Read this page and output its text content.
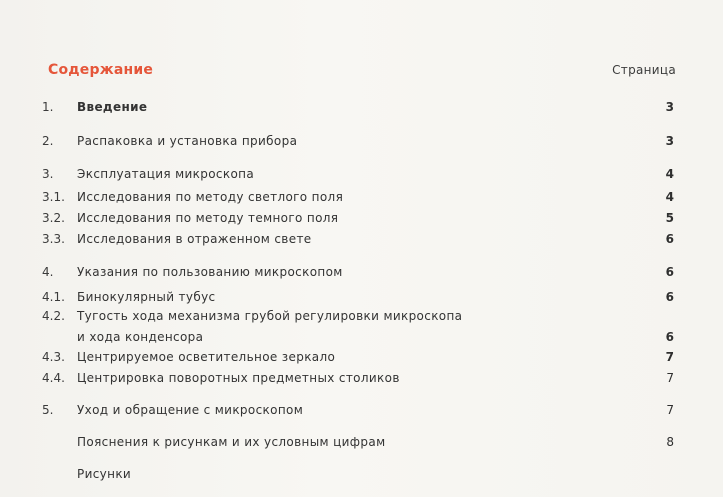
Содержание	Страница
1. Введение	3
2. Распаковка и установка прибора	3
3. Эксплуатация микроскопа	4
3.1. Исследования по методу светлого поля	4
3.2. Исследования по методу темного поля	5
3.3. Исследования в отраженном свете	6
4. Указания по пользованию микроскопом	6
4.1. Бинокулярный тубус	6
4.2. Тугость хода механизма грубой регулировки микроскопа
и хода конденсора	6
4.3. Центрируемое осветительное зеркало	7
4.4. Центрировка поворотных предметных столиков	7
5. Уход и обращение с микроскопом	7
Пояснения к рисункам и их условным цифрам	8
Рисунки
